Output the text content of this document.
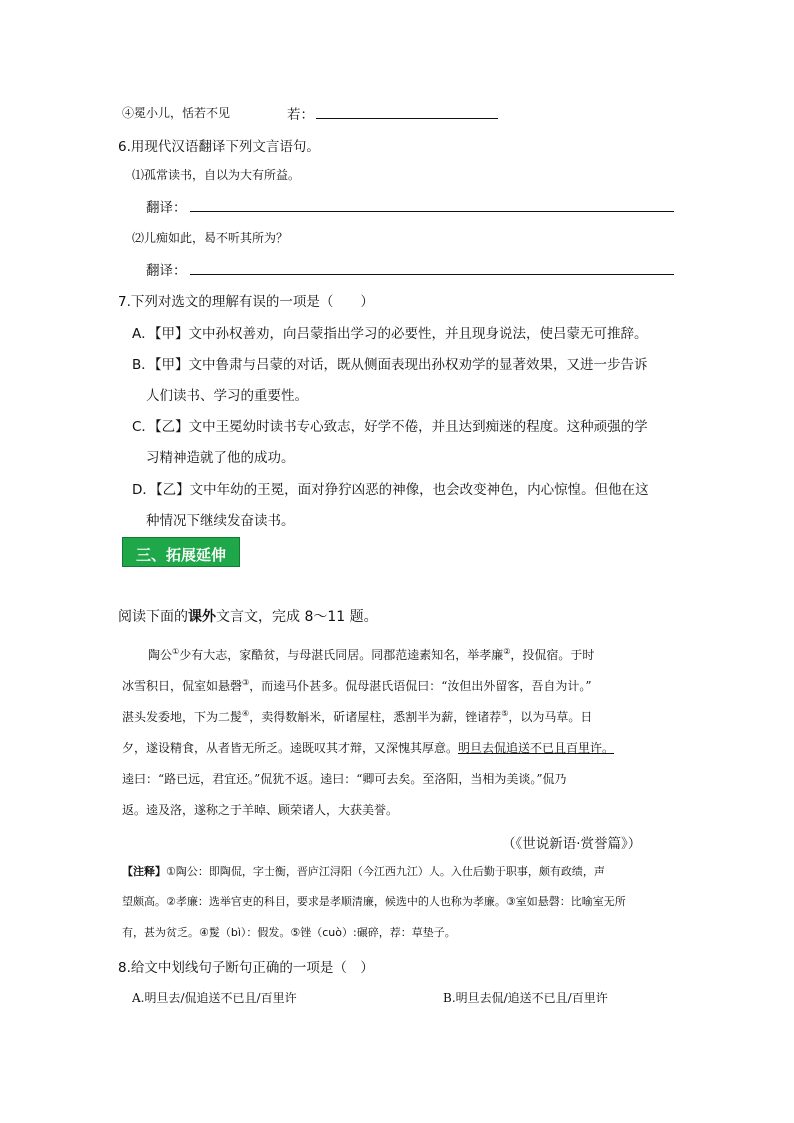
④冕小儿，恬若不见	若：
6.用现代汉语翻译下列文言语句。
⑴孤常读书，自以为大有所益。
翻译：
⑵儿痴如此，曷不听其所为？
翻译：
7.下列对选文的理解有误的一项是（　　）
A．【甲】文中孙权善劝，向吕蒙指出学习的必要性，并且现身说法，使吕蒙无可推辞。
B．【甲】文中鲁肃与吕蒙的对话，既从侧面表现出孙权劝学的显著效果，又进一步告诉
人们读书、学习的重要性。
C．【乙】文中王冕幼时读书专心致志，好学不倦，并且达到痴迷的程度。这种顽强的学
习精神造就了他的成功。
D．【乙】文中年幼的王冕，面对狰狞凶恶的神像，也会改变神色，内心惊惶。但他在这
种情况下继续发奋读书。
三、拓展延伸
阅读下面的课外文言文，完成 8～11 题。
陶公①少有大志，家酷贫，与母湛氏同居。同郡范逵素知名，举孝廉②，投侃宿。于时
冰雪积日，侃室如悬磬③，而逵马仆甚多。侃母湛氏语侃曰：“汝但出外留客，吾自为计。”
湛头发委地，下为二髲④，卖得数斛米，斫诸屋柱，悉割半为薪，锉诸荐⑤，以为马草。日
夕，遂设精食，从者皆无所乏。逵既叹其才辩，又深愧其厚意。明旦去侃追送不已且百里许。
逵曰：“路已远，君宜还。”侃犹不返。逵曰：“卿可去矣。至洛阳，当相为美谈。”侃乃
返。逵及洛，遂称之于羊晫、顾荣诸人，大获美誉。
（《世说新语·赏誉篇》）
【注释】①陶公：即陶侃，字士衡，晋庐江浔阳（今江西九江）人。入仕后勤于职事，颇有政绩，声
望颇高。②孝廉：选举官吏的科目，要求是孝顺清廉，候选中的人也称为孝廉。③室如悬磬：比喻室无所
有，甚为贫乏。④髲（bì）：假发。⑤锉（cuò）:碾碎，荐：草垫子。
8.给文中划线句子断句正确的一项是（　）
A.明旦去/侃追送不已且/百里许	B.明旦去侃/追送不已且/百里许
